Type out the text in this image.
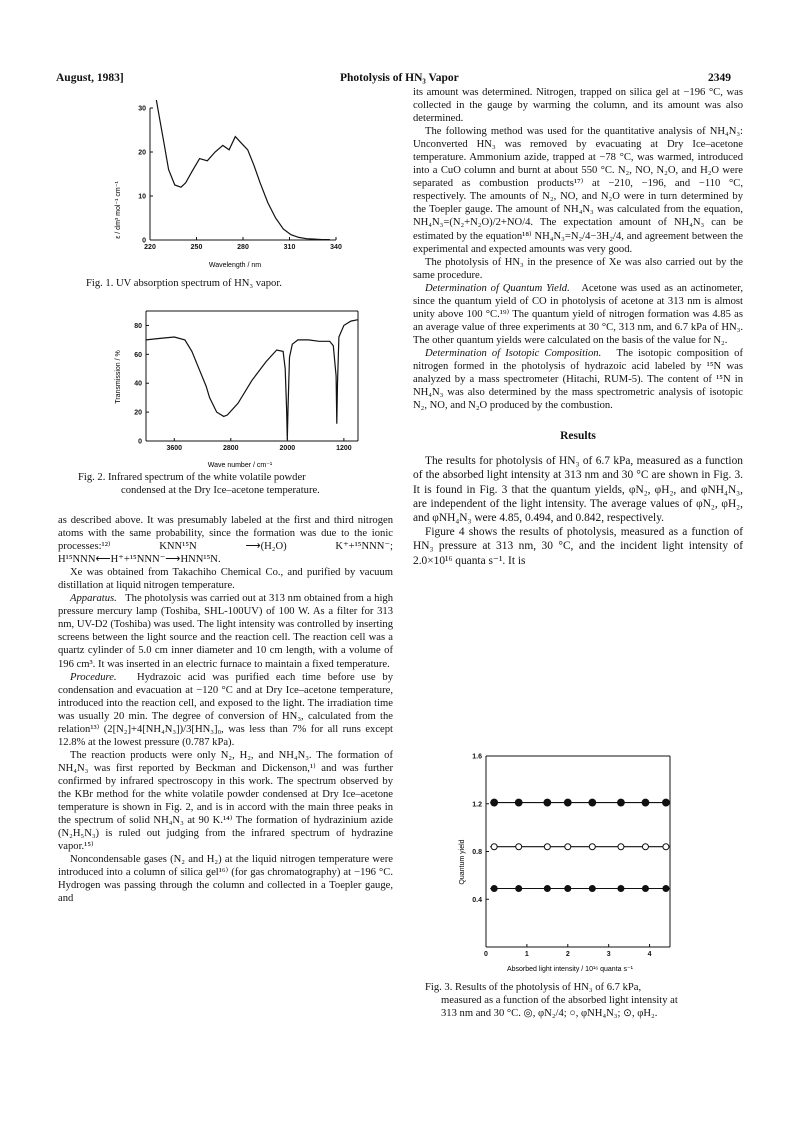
August, 1983]	Photolysis of HN₃ Vapor	2349
220	250	280	310	340
0
10
20
30
ε / dm³ mol⁻¹ cm⁻¹
Wavelength / nm
Fig. 1. UV absorption spectrum of HN₃ vapor.
3600	2800	2000	1200
0
20
40
60
80
Transmission / %
Wave number / cm⁻¹

Fig. 2. Infrared spectrum of the white volatile powder

condensed at the Dry Ice–acetone temperature.

as described above. It was presumably labeled at the first and third nitrogen atoms with the same probability, since the formation was due to the ionic processes:¹²⁾ KNN¹⁵N ⟶(H₂O) K⁺+¹⁵NNN⁻; H¹⁵NNN⟵H⁺+¹⁵NNN⁻⟶HNN¹⁵N.

Xe was obtained from Takachiho Chemical Co., and purified by vacuum distillation at liquid nitrogen temperature.

Apparatus. The photolysis was carried out at 313 nm obtained from a high pressure mercury lamp (Toshiba, SHL-100UV) of 100 W. As a filter for 313 nm, UV-D2 (Toshiba) was used. The light intensity was controlled by inserting screens between the light source and the reaction cell. The reaction cell was a quartz cylinder of 5.0 cm inner diameter and 10 cm length, with a volume of 196 cm³. It was inserted in an electric furnace to maintain a fixed temperature.

Procedure. Hydrazoic acid was purified each time before use by condensation and evacuation at −120 °C and at Dry Ice–acetone temperature, introduced into the reaction cell, and exposed to the light. The irradiation time was usually 20 min. The degree of conversion of HN₃, calculated from the relation¹³⁾ (2[N₂]+4[NH₄N₃])/3[HN₃]₀, was less than 7% for all runs except 12.8% at the lowest pressure (0.787 kPa).

The reaction products were only N₂, H₂, and NH₄N₃. The formation of NH₄N₃ was first reported by Beckman and Dickenson,¹⁾ and was further confirmed by infrared spectroscopy in this work. The spectrum observed by the KBr method for the white volatile powder condensed at Dry Ice–acetone temperature is shown in Fig. 2, and is in accord with the main three peaks in the spectrum of solid NH₄N₃ at 90 K.¹⁴⁾ The formation of hydrazinium azide (N₂H₅N₃) is ruled out judging from the infrared spectrum of hydrazine vapor.¹⁵⁾

Noncondensable gases (N₂ and H₂) at the liquid nitrogen temperature were introduced into a column of silica gel¹⁶⁾ (for gas chromatography) at −196 °C. Hydrogen was passing through the column and collected in a Toepler gauge, and

its amount was determined. Nitrogen, trapped on silica gel at −196 °C, was collected in the gauge by warming the column, and its amount was also determined.

The following method was used for the quantitative analysis of NH₄N₃: Unconverted HN₃ was removed by evacuating at Dry Ice–acetone temperature. Ammonium azide, trapped at −78 °C, was warmed, introduced into a CuO column and burnt at about 550 °C. N₂, NO, N₂O, and H₂O were separated as combustion products¹⁷⁾ at −210, −196, and −110 °C, respectively. The amounts of N₂, NO, and N₂O were in turn determined by the Toepler gauge. The amount of NH₄N₃ was calculated from the equation, NH₄N₃=(N₂+N₂O)/2+NO/4. The expectation amount of NH₄N₃ can be estimated by the equation¹⁸⁾ NH₄N₃=N₂/4−3H₂/4, and agreement between the experimental and expected amounts was very good.

The photolysis of HN₃ in the presence of Xe was also carried out by the same procedure.

Determination of Quantum Yield. Acetone was used as an actinometer, since the quantum yield of CO in photolysis of acetone at 313 nm is almost unity above 100 °C.¹⁹⁾ The quantum yield of nitrogen formation was 4.85 as an average value of three experiments at 30 °C, 313 nm, and 6.7 kPa of HN₃. The other quantum yields were calculated on the basis of the value for N₂.

Determination of Isotopic Composition. The isotopic composition of nitrogen formed in the photolysis of hydrazoic acid labeled by ¹⁵N was analyzed by a mass spectrometer (Hitachi, RUM-5). The content of ¹⁵N in NH₄N₃ was also determined by the mass spectrometric analysis of isotopic N₂, NO, and N₂O produced by the combustion.

Results

The results for photolysis of HN₃ of 6.7 kPa, measured as a function of the absorbed light intensity at 313 nm and 30 °C are shown in Fig. 3. It is found in Fig. 3 that the quantum yields, φN₂, φH₂, and φNH₄N₃, are independent of the light intensity. The average values of φN₂, φH₂, and φNH₄N₃ were 4.85, 0.494, and 0.842, respectively.

Figure 4 shows the results of photolysis, measured as a function of HN₃ pressure at 313 nm, 30 °C, and the incident light intensity of 2.0×10¹⁶ quanta s⁻¹. It is

0	1	2	3	4
0.4
0.8
1.2
1.6
Quantum yield
Absorbed light intensity / 10¹⁶ quanta s⁻¹

Fig. 3. Results of the photolysis of HN₃ of 6.7 kPa,

measured as a function of the absorbed light intensity at

313 nm and 30 °C. ◎, φN₂/4; ○, φNH₄N₃; ⊙, φH₂.
